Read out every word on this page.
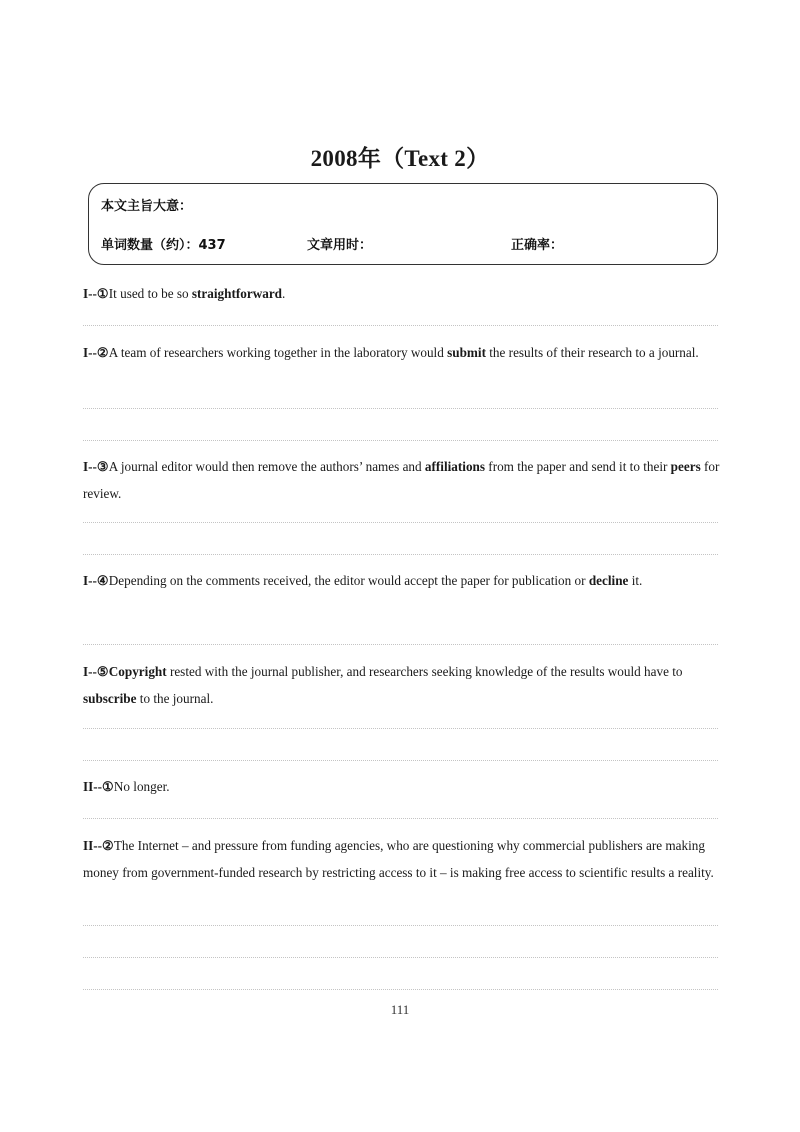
2008年（Text 2）
本文主旨大意：
单词数量（约）：437	文章用时：	正确率：
I--①It used to be so straightforward.
I--②A team of researchers working together in the laboratory would submit the results of their research to a journal.
I--③A journal editor would then remove the authors’ names and affiliations from the paper and send it to their peers for review.
I--④Depending on the comments received, the editor would accept the paper for publication or decline it.
I--⑤Copyright rested with the journal publisher, and researchers seeking knowledge of the results would have to subscribe to the journal.
II--①No longer.
II--②The Internet – and pressure from funding agencies, who are questioning why commercial publishers are making money from government-funded research by restricting access to it – is making free access to scientific results a reality.
111
